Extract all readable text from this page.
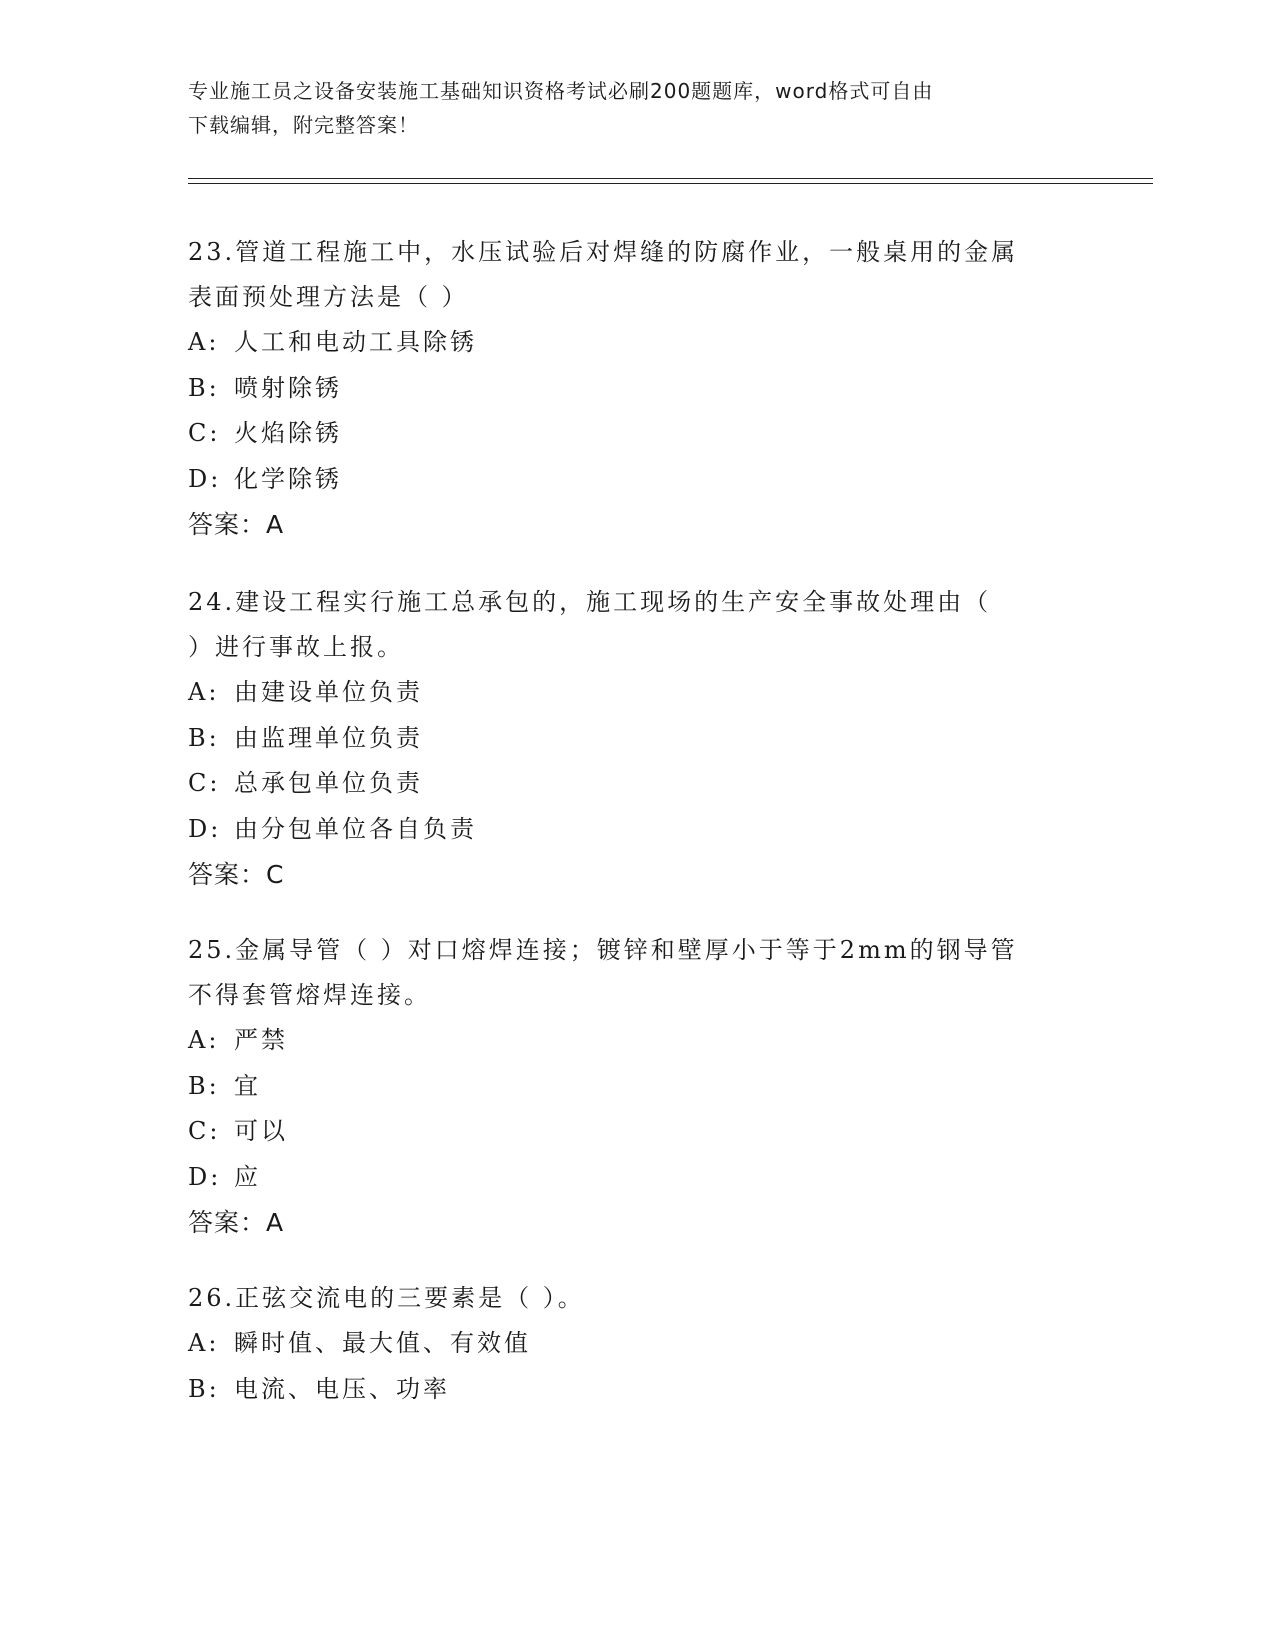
专业施工员之设备安装施工基础知识资格考试必刷200题题库，word格式可自由
下载编辑，附完整答案！
23.管道工程施工中，水压试验后对焊缝的防腐作业，一般桌用的金属
表面预处理方法是（ ）
A: 人工和电动工具除锈
B: 喷射除锈
C: 火焰除锈
D: 化学除锈
答案：A
24.建设工程实行施工总承包的，施工现场的生产安全事故处理由（
）进行事故上报。
A: 由建设单位负责
B: 由监理单位负责
C: 总承包单位负责
D: 由分包单位各自负责
答案：C
25.金属导管（ ）对口熔焊连接；镀锌和壁厚小于等于2mm的钢导管
不得套管熔焊连接。
A: 严禁
B: 宜
C: 可以
D: 应
答案：A
26.正弦交流电的三要素是（ ）。
A: 瞬时值、最大值、有效值
B: 电流、电压、功率
